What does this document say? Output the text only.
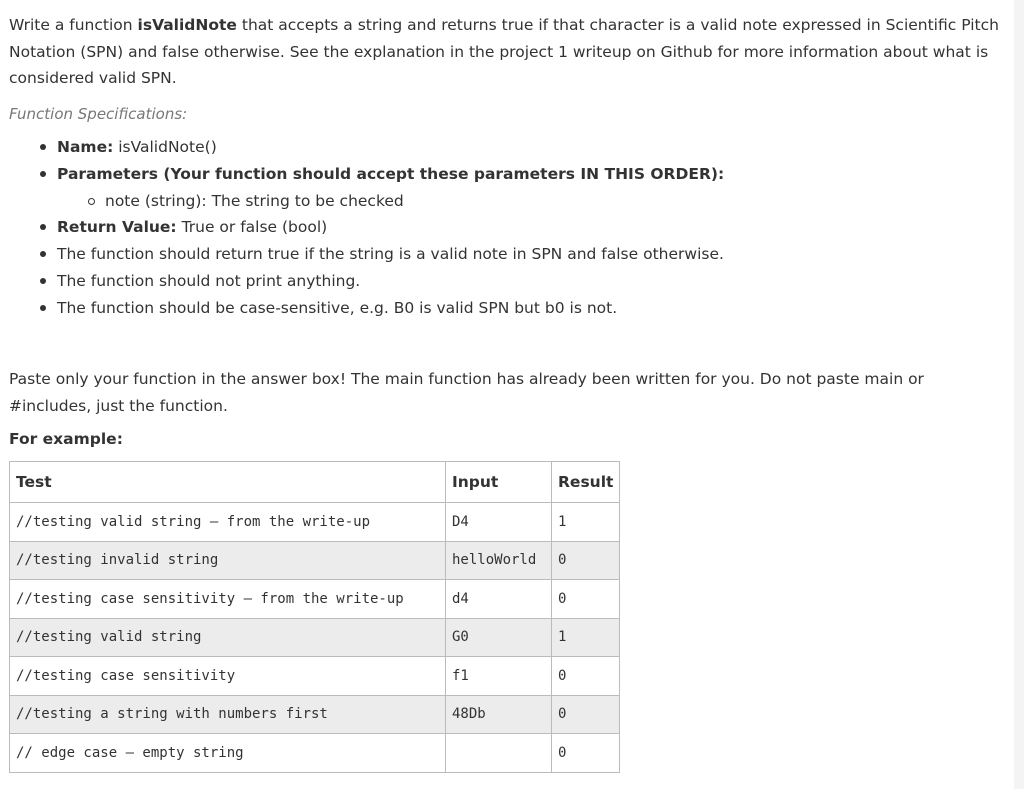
Write a function isValidNote that accepts a string and returns true if that character is a valid note expressed in Scientific Pitch Notation (SPN) and false otherwise. See the explanation in the project 1 writeup on Github for more information about what is considered valid SPN.
Function Specifications:
Name: isValidNote()
Parameters (Your function should accept these parameters IN THIS ORDER):
note (string): The string to be checked
Return Value: True or false (bool)
The function should return true if the string is a valid note in SPN and false otherwise.
The function should not print anything.
The function should be case-sensitive, e.g. B0 is valid SPN but b0 is not.
Paste only your function in the answer box! The main function has already been written for you. Do not paste main or #includes, just the function.
For example:
Test	Input	Result
//testing valid string – from the write-up	D4	1
//testing invalid string	helloWorld	0
//testing case sensitivity – from the write-up	d4	0
//testing valid string	G0	1
//testing case sensitivity	f1	0
//testing a string with numbers first	48Db	0
// edge case – empty string		0
